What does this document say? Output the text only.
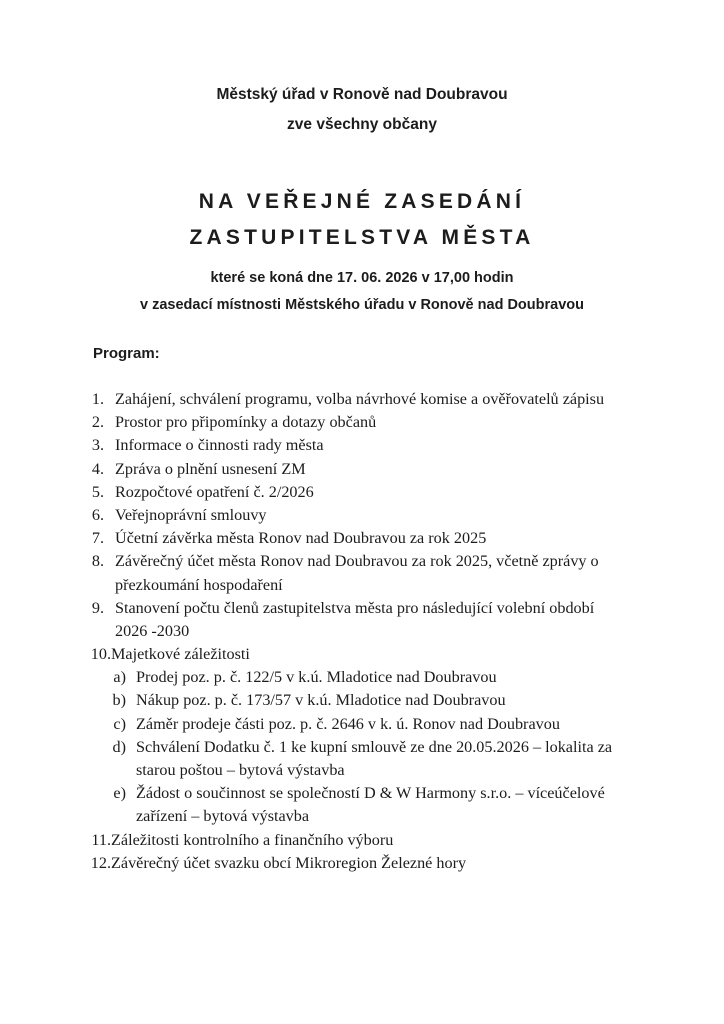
Městský úřad v Ronově nad Doubravou
zve všechny občany
NA VEŘEJNÉ ZASEDÁNÍ
ZASTUPITELSTVA MĚSTA
které se koná dne 17. 06. 2026 v 17,00 hodin
v zasedací místnosti Městského úřadu v Ronově nad Doubravou
Program:
1. Zahájení, schválení programu, volba návrhové komise a ověřovatelů zápisu
2. Prostor pro připomínky a dotazy občanů
3. Informace o činnosti rady města
4. Zpráva o plnění usnesení ZM
5. Rozpočtové opatření č. 2/2026
6. Veřejnoprávní smlouvy
7. Účetní závěrka města Ronov nad Doubravou za rok 2025
8. Závěrečný účet města Ronov nad Doubravou za rok 2025, včetně zprávy o
přezkoumání hospodaření
9. Stanovení počtu členů zastupitelstva města pro následující volební období
2026 -2030
10. Majetkové záležitosti
a) Prodej poz. p. č. 122/5 v k.ú. Mladotice nad Doubravou
b) Nákup poz. p. č. 173/57 v k.ú. Mladotice nad Doubravou
c) Záměr prodeje části poz. p. č. 2646 v k. ú. Ronov nad Doubravou
d) Schválení Dodatku č. 1 ke kupní smlouvě ze dne 20.05.2026 – lokalita za
starou poštou – bytová výstavba
e) Žádost o součinnost se společností D & W Harmony s.r.o. – víceúčelové
zařízení – bytová výstavba
11. Záležitosti kontrolního a finančního výboru
12. Závěrečný účet svazku obcí Mikroregion Železné hory
